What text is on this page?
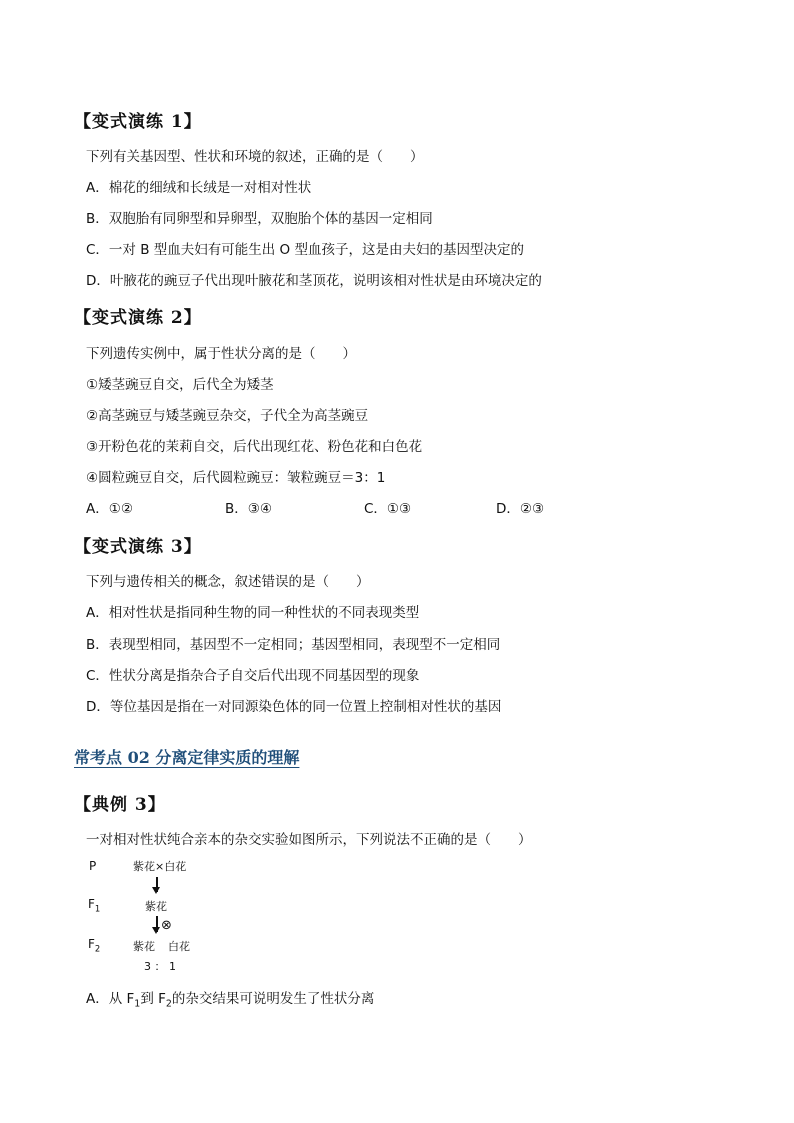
【变式演练 1】
下列有关基因型、性状和环境的叙述，正确的是（　　）
A．棉花的细绒和长绒是一对相对性状
B．双胞胎有同卵型和异卵型，双胞胎个体的基因一定相同
C．一对 B 型血夫妇有可能生出 O 型血孩子，这是由夫妇的基因型决定的
D．叶腋花的豌豆子代出现叶腋花和茎顶花，说明该相对性状是由环境决定的
【变式演练 2】
下列遗传实例中，属于性状分离的是（　　）
①矮茎豌豆自交，后代全为矮茎
②高茎豌豆与矮茎豌豆杂交，子代全为高茎豌豆
③开粉色花的茉莉自交，后代出现红花、粉色花和白色花
④圆粒豌豆自交，后代圆粒豌豆：皱粒豌豆＝3：1
A．①②	B．③④	C．①③	D．②③
【变式演练 3】
下列与遗传相关的概念，叙述错误的是（　　）
A．相对性状是指同种生物的同一种性状的不同表现类型
B．表现型相同，基因型不一定相同；基因型相同，表现型不一定相同
C．性状分离是指杂合子自交后代出现不同基因型的现象
D．等位基因是指在一对同源染色体的同一位置上控制相对性状的基因
常考点 02 分离定律实质的理解
【典例 3】
一对相对性状纯合亲本的杂交实验如图所示，下列说法不正确的是（　　）
P	紫花×白花
$F_1$	紫花
⊗
$F_2$	紫花 白花
3 ： 1
A．从 $F_1$到 $F_2$的杂交结果可说明发生了性状分离
